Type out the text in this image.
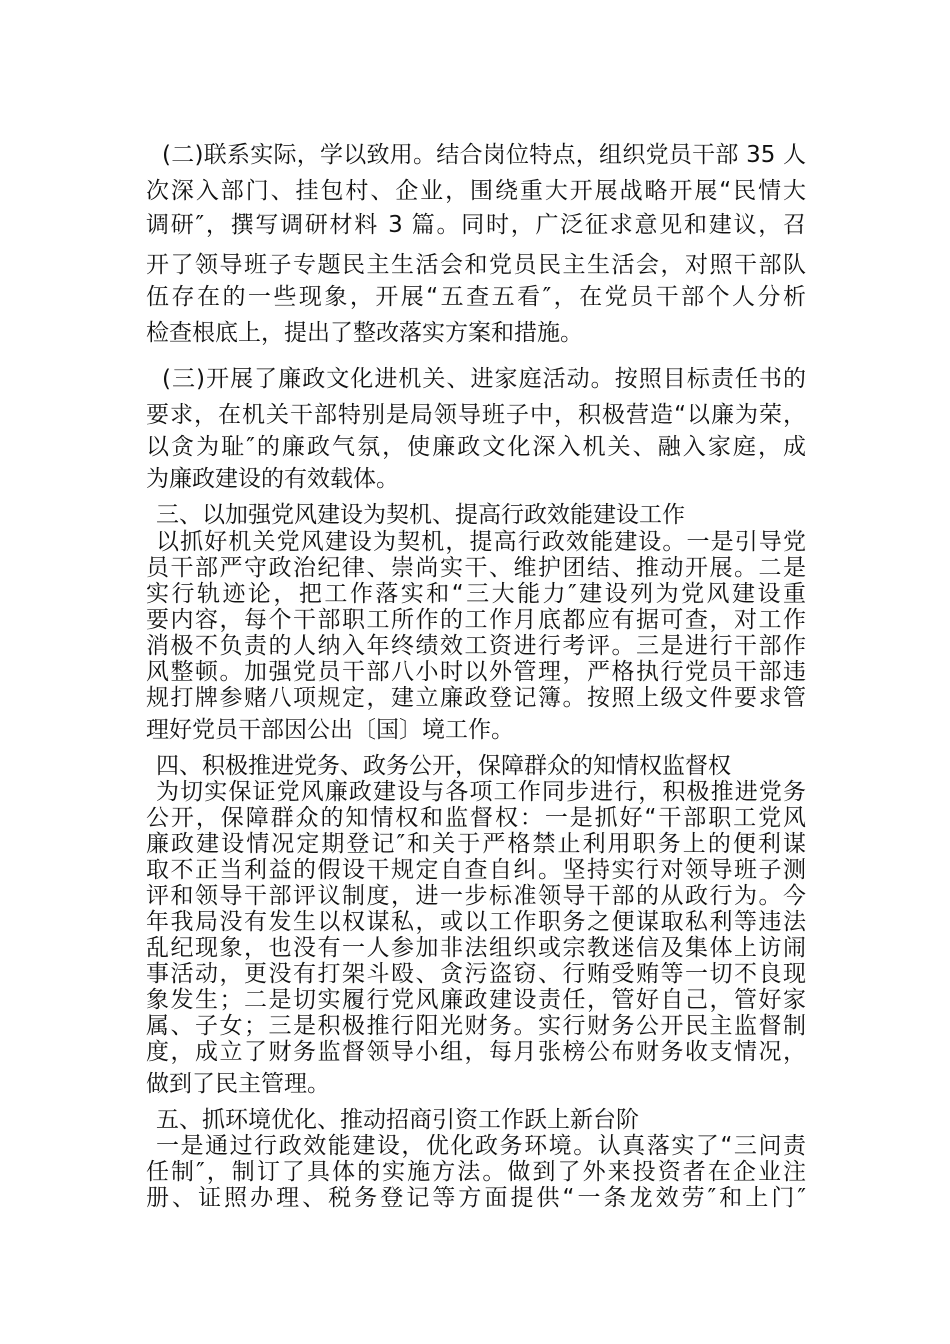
(二)联系实际，学以致用。结合岗位特点，组织党员干部 35 人
次深入部门、挂包村、企业，围绕重大开展战略开展“民情大
调研″，撰写调研材料 3 篇。同时，广泛征求意见和建议，召
开了领导班子专题民主生活会和党员民主生活会，对照干部队
伍存在的一些现象，开展“五查五看″，在党员干部个人分析
检查根底上，提出了整改落实方案和措施。
(三)开展了廉政文化进机关、进家庭活动。按照目标责任书的
要求，在机关干部特别是局领导班子中，积极营造“以廉为荣，
以贪为耻″的廉政气氛，使廉政文化深入机关、融入家庭，成
为廉政建设的有效载体。
三、以加强党风建设为契机、提高行政效能建设工作
以抓好机关党风建设为契机，提高行政效能建设。一是引导党
员干部严守政治纪律、崇尚实干、维护团结、推动开展。二是
实行轨迹论，把工作落实和“三大能力″建设列为党风建设重
要内容，每个干部职工所作的工作月底都应有据可查，对工作
消极不负责的人纳入年终绩效工资进行考评。三是进行干部作
风整顿。加强党员干部八小时以外管理，严格执行党员干部违
规打牌参赌八项规定，建立廉政登记簿。按照上级文件要求管
理好党员干部因公出〔国〕境工作。
四、积极推进党务、政务公开，保障群众的知情权监督权
为切实保证党风廉政建设与各项工作同步进行，积极推进党务
公开，保障群众的知情权和监督权：一是抓好“干部职工党风
廉政建设情况定期登记″和关于严格禁止利用职务上的便利谋
取不正当利益的假设干规定自查自纠。坚持实行对领导班子测
评和领导干部评议制度，进一步标准领导干部的从政行为。今
年我局没有发生以权谋私，或以工作职务之便谋取私利等违法
乱纪现象，也没有一人参加非法组织或宗教迷信及集体上访闹
事活动，更没有打架斗殴、贪污盗窃、行贿受贿等一切不良现
象发生；二是切实履行党风廉政建设责任，管好自己，管好家
属、子女；三是积极推行阳光财务。实行财务公开民主监督制
度，成立了财务监督领导小组，每月张榜公布财务收支情况，
做到了民主管理。
五、抓环境优化、推动招商引资工作跃上新台阶
一是通过行政效能建设，优化政务环境。认真落实了“三问责
任制″，制订了具体的实施方法。做到了外来投资者在企业注
册、证照办理、税务登记等方面提供“一条龙效劳″和上门″
